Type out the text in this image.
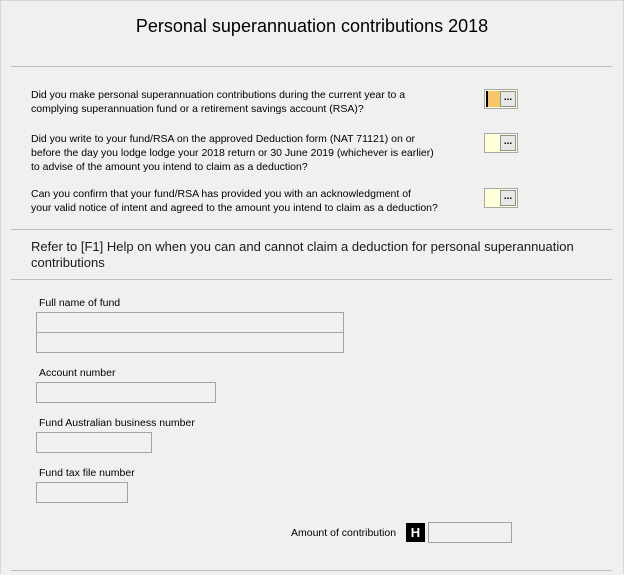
Personal superannuation contributions 2018
Did you make personal superannuation contributions during the current year to a
complying superannuation fund or a retirement savings account (RSA)?
...
Did you write to your fund/RSA on the approved Deduction form (NAT 71121) on or
before the day you lodge lodge your 2018 return or 30 June 2019 (whichever is earlier)
to advise of the amount you intend to claim as a deduction?
...
Can you confirm that your fund/RSA has provided you with an acknowledgment of
your valid notice of intent and agreed to the amount you intend to claim as a deduction?
...
Refer to [F1] Help on when you can and cannot claim a deduction for personal superannuation contributions
Full name of fund
Account number
Fund Australian business number
Fund tax file number
Amount of contribution	H
